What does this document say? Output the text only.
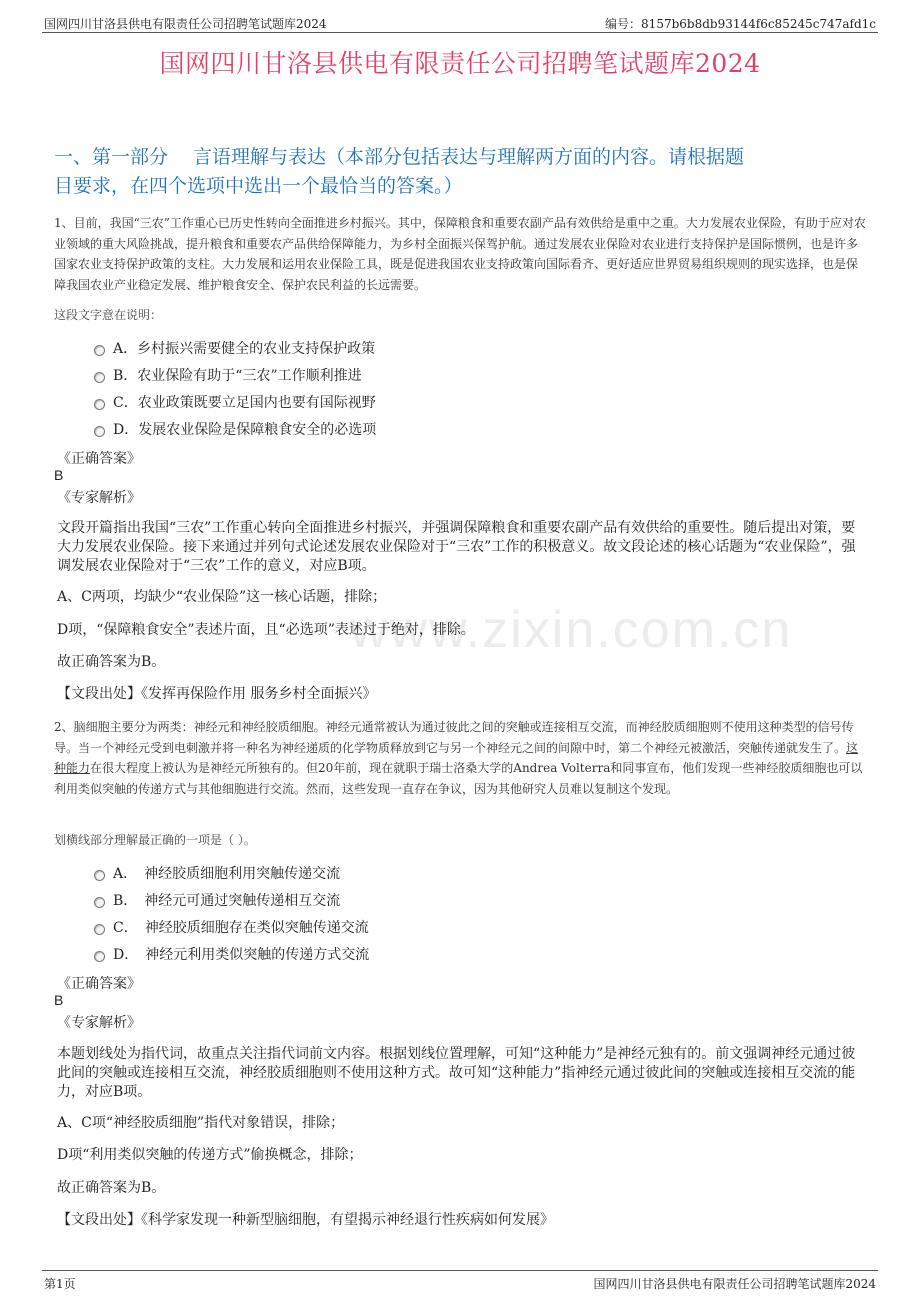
国网四川甘洛县供电有限责任公司招聘笔试题库2024	编号：8157b6b8db93144f6c85245c747afd1c
www.zixin.com.cn
国网四川甘洛县供电有限责任公司招聘笔试题库2024
一、第一部分　 言语理解与表达（本部分包括表达与理解两方面的内容。请根据题
目要求，在四个选项中选出一个最恰当的答案。）
1、目前，我国“三农”工作重心已历史性转向全面推进乡村振兴。其中，保障粮食和重要农副产品有效供给是重中之重。大力发展农业保险，有助于应对农业领域的重大风险挑战，提升粮食和重要农产品供给保障能力，为乡村全面振兴保驾护航。通过发展农业保险对农业进行支持保护是国际惯例，也是许多国家农业支持保护政策的支柱。大力发展和运用农业保险工具，既是促进我国农业支持政策向国际看齐、更好适应世界贸易组织规则的现实选择，也是保障我国农业产业稳定发展、维护粮食安全、保护农民利益的长远需要。
这段文字意在说明：
A．乡村振兴需要健全的农业支持保护政策
B．农业保险有助于“三农”工作顺利推进
C．农业政策既要立足国内也要有国际视野
D．发展农业保险是保障粮食安全的必选项
《正确答案》
B
《专家解析》
文段开篇指出我国“三农”工作重心转向全面推进乡村振兴，并强调保障粮食和重要农副产品有效供给的重要性。随后提出对策，要大力发展农业保险。接下来通过并列句式论述发展农业保险对于“三农”工作的积极意义。故文段论述的核心话题为“农业保险”，强调发展农业保险对于“三农”工作的意义，对应B项。
A、C两项，均缺少“农业保险”这一核心话题，排除；
D项，“保障粮食安全”表述片面，且“必选项”表述过于绝对，排除。
故正确答案为B。
【文段出处】《发挥再保险作用 服务乡村全面振兴》
2、脑细胞主要分为两类：神经元和神经胶质细胞。神经元通常被认为通过彼此之间的突触或连接相互交流，而神经胶质细胞则不使用这种类型的信号传导。当一个神经元受到电刺激并将一种名为神经递质的化学物质释放到它与另一个神经元之间的间隙中时，第二个神经元被激活，突触传递就发生了。这种能力在很大程度上被认为是神经元所独有的。但20年前，现在就职于瑞士洛桑大学的Andrea Volterra和同事宣布，他们发现一些神经胶质细胞也可以利用类似突触的传递方式与其他细胞进行交流。然而，这些发现一直存在争议，因为其他研究人员难以复制这个发现。
划横线部分理解最正确的一项是（ ）。
A．　神经胶质细胞利用突触传递交流
B．　神经元可通过突触传递相互交流
C．　神经胶质细胞存在类似突触传递交流
D．　神经元利用类似突触的传递方式交流
《正确答案》
B
《专家解析》
本题划线处为指代词，故重点关注指代词前文内容。根据划线位置理解，可知“这种能力”是神经元独有的。前文强调神经元通过彼此间的突触或连接相互交流，神经胶质细胞则不使用这种方式。故可知“这种能力”指神经元通过彼此间的突触或连接相互交流的能力，对应B项。
A、C项“神经胶质细胞”指代对象错误，排除；
D项“利用类似突触的传递方式”偷换概念，排除；
故正确答案为B。
【文段出处】《科学家发现一种新型脑细胞，有望揭示神经退行性疾病如何发展》
第1页	国网四川甘洛县供电有限责任公司招聘笔试题库2024
